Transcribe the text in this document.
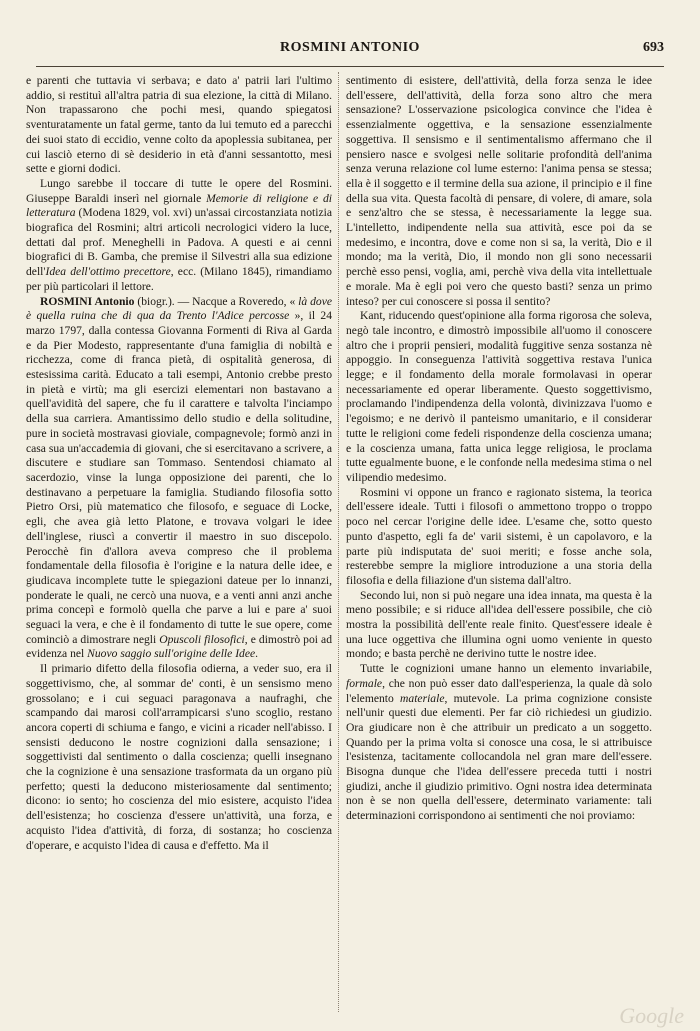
ROSMINI ANTONIO	693

e parenti che tuttavia vi serbava; e dato a' patrii lari l'ultimo addio, si restituì all'altra patria di sua elezione, la città di Milano. Non trapassarono che pochi mesi, quando spiegatosi sventuratamente un fatal germe, tanto da lui temuto ed a parecchi dei suoi stato di eccidio, venne colto da apoplessia subitanea, per cui lasciò eterno di sè desiderio in età d'anni sessantotto, mesi sette e giorni dodici.

Lungo sarebbe il toccare di tutte le opere del Rosmini. Giuseppe Baraldi inserì nel giornale Memorie di religione e di letteratura (Modena 1829, vol. xvi) un'assai circostanziata notizia biografica del Rosmini; altri articoli necrologici videro la luce, dettati dal prof. Meneghelli in Padova. A questi e ai cenni biografici di B. Gamba, che premise il Silvestri alla sua edizione dell'Idea dell'ottimo precettore, ecc. (Milano 1845), rimandiamo per più particolari il lettore.

ROSMINI Antonio (biogr.). — Nacque a Roveredo, « là dove è quella ruina che di qua da Trento l'Adice percosse », il 24 marzo 1797, dalla contessa Giovanna Formenti di Riva al Garda e da Pier Modesto, rappresentante d'una famiglia di nobiltà e ricchezza, come di franca pietà, di ospitalità generosa, di estesissima carità. Educato a tali esempi, Antonio crebbe presto in pietà e virtù; ma gli esercizi elementari non bastavano a quell'avidità del sapere, che fu il carattere e talvolta l'inciampo della sua carriera. Amantissimo dello studio e della solitudine, pure in società mostravasi gioviale, compagnevole; formò anzi in casa sua un'accademia di giovani, che si esercitavano a scrivere, a discutere e studiare san Tommaso. Sentendosi chiamato al sacerdozio, vinse la lunga opposizione dei parenti, che lo destinavano a perpetuare la famiglia. Studiando filosofia sotto Pietro Orsi, più matematico che filosofo, e seguace di Locke, egli, che avea già letto Platone, e trovava volgari le idee dell'inglese, riuscì a convertir il maestro in suo discepolo. Perocchè fin d'allora aveva compreso che il problema fondamentale della filosofia è l'origine e la natura delle idee, e giudicava incomplete tutte le spiegazioni dateue per lo innanzi, ponderate le quali, ne cercò una nuova, e a venti anni anzi anche prima concepì e formolò quella che parve a lui e pare a' suoi seguaci la vera, e che è il fondamento di tutte le sue opere, come cominciò a dimostrare negli Opuscoli filosofici, e dimostrò poi ad evidenza nel Nuovo saggio sull'origine delle Idee.

Il primario difetto della filosofia odierna, a veder suo, era il soggettivismo, che, al sommar de' conti, è un sensismo meno grossolano; e i cui seguaci paragonava a naufraghi, che scampando dai marosi coll'arrampicarsi s'uno scoglio, restano ancora coperti di schiuma e fango, e vicini a ricader nell'abisso. I sensisti deducono le nostre cognizioni dalla sensazione; i soggettivisti dal sentimento o dalla coscienza; quelli insegnano che la cognizione è una sensazione trasformata da un organo più perfetto; questi la deducono misteriosamente dal sentimento; dicono: io sento; ho coscienza del mio esistere, acquisto l'idea dell'esistenza; ho coscienza d'essere un'attività, una forza, e acquisto l'idea d'attività, di forza, di sostanza; ho coscienza d'operare, e acquisto l'idea di causa e d'effetto. Ma il

sentimento di esistere, dell'attività, della forza senza le idee dell'essere, dell'attività, della forza sono altro che mera sensazione? L'osservazione psicologica convince che l'idea è essenzialmente oggettiva, e la sensazione essenzialmente soggettiva. Il sensismo e il sentimentalismo affermano che il pensiero nasce e svolgesi nelle solitarie profondità dell'anima senza veruna relazione col lume esterno: l'anima pensa se stessa; ella è il soggetto e il termine della sua azione, il principio e il fine della sua vita. Questa facoltà di pensare, di volere, di amare, sola e senz'altro che se stessa, è necessariamente la legge sua. L'intelletto, indipendente nella sua attività, esce poi da se medesimo, e incontra, dove e come non si sa, la verità, Dio e il mondo; ma la verità, Dio, il mondo non gli sono necessarii perchè esso pensi, voglia, ami, perchè viva della vita intellettuale e morale. Ma è egli poi vero che questo basti? senza un primo inteso? per cui conoscere si possa il sentito?

Kant, riducendo quest'opinione alla forma rigorosa che soleva, negò tale incontro, e dimostrò impossibile all'uomo il conoscere altro che i proprii pensieri, modalità fuggitive senza sostanza nè appoggio. In conseguenza l'attività soggettiva restava l'unica legge; e il fondamento della morale formolavasi in operar necessariamente ed operar liberamente. Questo soggettivismo, proclamando l'indipendenza della volontà, divinizzava l'uomo e l'egoismo; e ne derivò il panteismo umanitario, e il considerar tutte le religioni come fedeli rispondenze della coscienza umana; e la coscienza umana, fatta unica legge religiosa, le proclama tutte egualmente buone, e le confonde nella medesima stima o nel vilipendio medesimo.

Rosmini vi oppone un franco e ragionato sistema, la teorica dell'essere ideale. Tutti i filosofi o ammettono troppo o troppo poco nel cercar l'origine delle idee. L'esame che, sotto questo punto d'aspetto, egli fa de' varii sistemi, è un capolavoro, e la parte più indisputata de' suoi meriti; e fosse anche sola, resterebbe sempre la migliore introduzione a una storia della filosofia e della filiazione d'un sistema dall'altro.

Secondo lui, non si può negare una idea innata, ma questa è la meno possibile; e si riduce all'idea dell'essere possibile, che ciò mostra la possibilità dell'ente reale finito. Quest'essere ideale è una luce oggettiva che illumina ogni uomo veniente in questo mondo; e basta perchè ne derivino tutte le nostre idee.

Tutte le cognizioni umane hanno un elemento invariabile, formale, che non può esser dato dall'esperienza, la quale dà solo l'elemento materiale, mutevole. La prima cognizione consiste nell'unir questi due elementi. Per far ciò richiedesi un giudizio. Ora giudicare non è che attribuir un predicato a un soggetto. Quando per la prima volta si conosce una cosa, le si attribuisce l'esistenza, tacitamente collocandola nel gran mare dell'essere. Bisogna dunque che l'idea dell'essere preceda tutti i nostri giudizi, anche il giudizio primitivo. Ogni nostra idea determinata non è se non quella dell'essere, determinato variamente: tali determinazioni corrispondono ai sentimenti che noi proviamo:

Google
